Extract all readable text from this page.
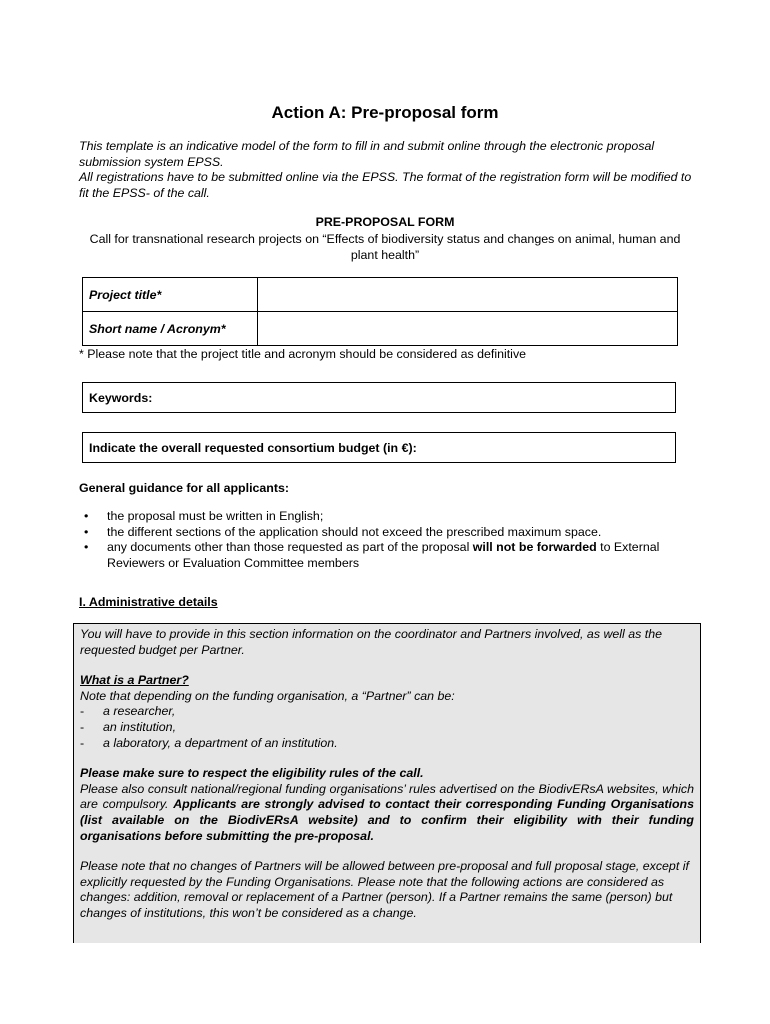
Action A: Pre-proposal form

This template is an indicative model of the form to fill in and submit online through the electronic proposal submission system EPSS.

All registrations have to be submitted online via the EPSS. The format of the registration form will be modified to fit the EPSS- of the call.

PRE-PROPOSAL FORM
Call for transnational research projects on “Effects of biodiversity status and changes on animal, human and plant health”
Project title*	
Short name / Acronym*	
* Please note that the project title and acronym should be considered as definitive
Keywords:
Indicate the overall requested consortium budget (in €):
General guidance for all applicants:
• the proposal must be written in English;
• the different sections of the application should not exceed the prescribed maximum space.
• any documents other than those requested as part of the proposal will not be forwarded to External Reviewers or Evaluation Committee members
I. Administrative details

You will have to provide in this section information on the coordinator and Partners involved, as well as the requested budget per Partner.

What is a Partner?

Note that depending on the funding organisation, a “Partner” can be:

-	a researcher,
-	an institution,
-	a laboratory, a department of an institution.

Please make sure to respect the eligibility rules of the call.

Please also consult national/regional funding organisations’ rules advertised on the BiodivERsA websites, which are compulsory. Applicants are strongly advised to contact their corresponding Funding Organisations (list available on the BiodivERsA website) and to confirm their eligibility with their funding organisations before submitting the pre-proposal.

Please note that no changes of Partners will be allowed between pre-proposal and full proposal stage, except if explicitly requested by the Funding Organisations. Please note that the following actions are considered as changes: addition, removal or replacement of a Partner (person). If a Partner remains the same (person) but changes of institutions, this won’t be considered as a change.
